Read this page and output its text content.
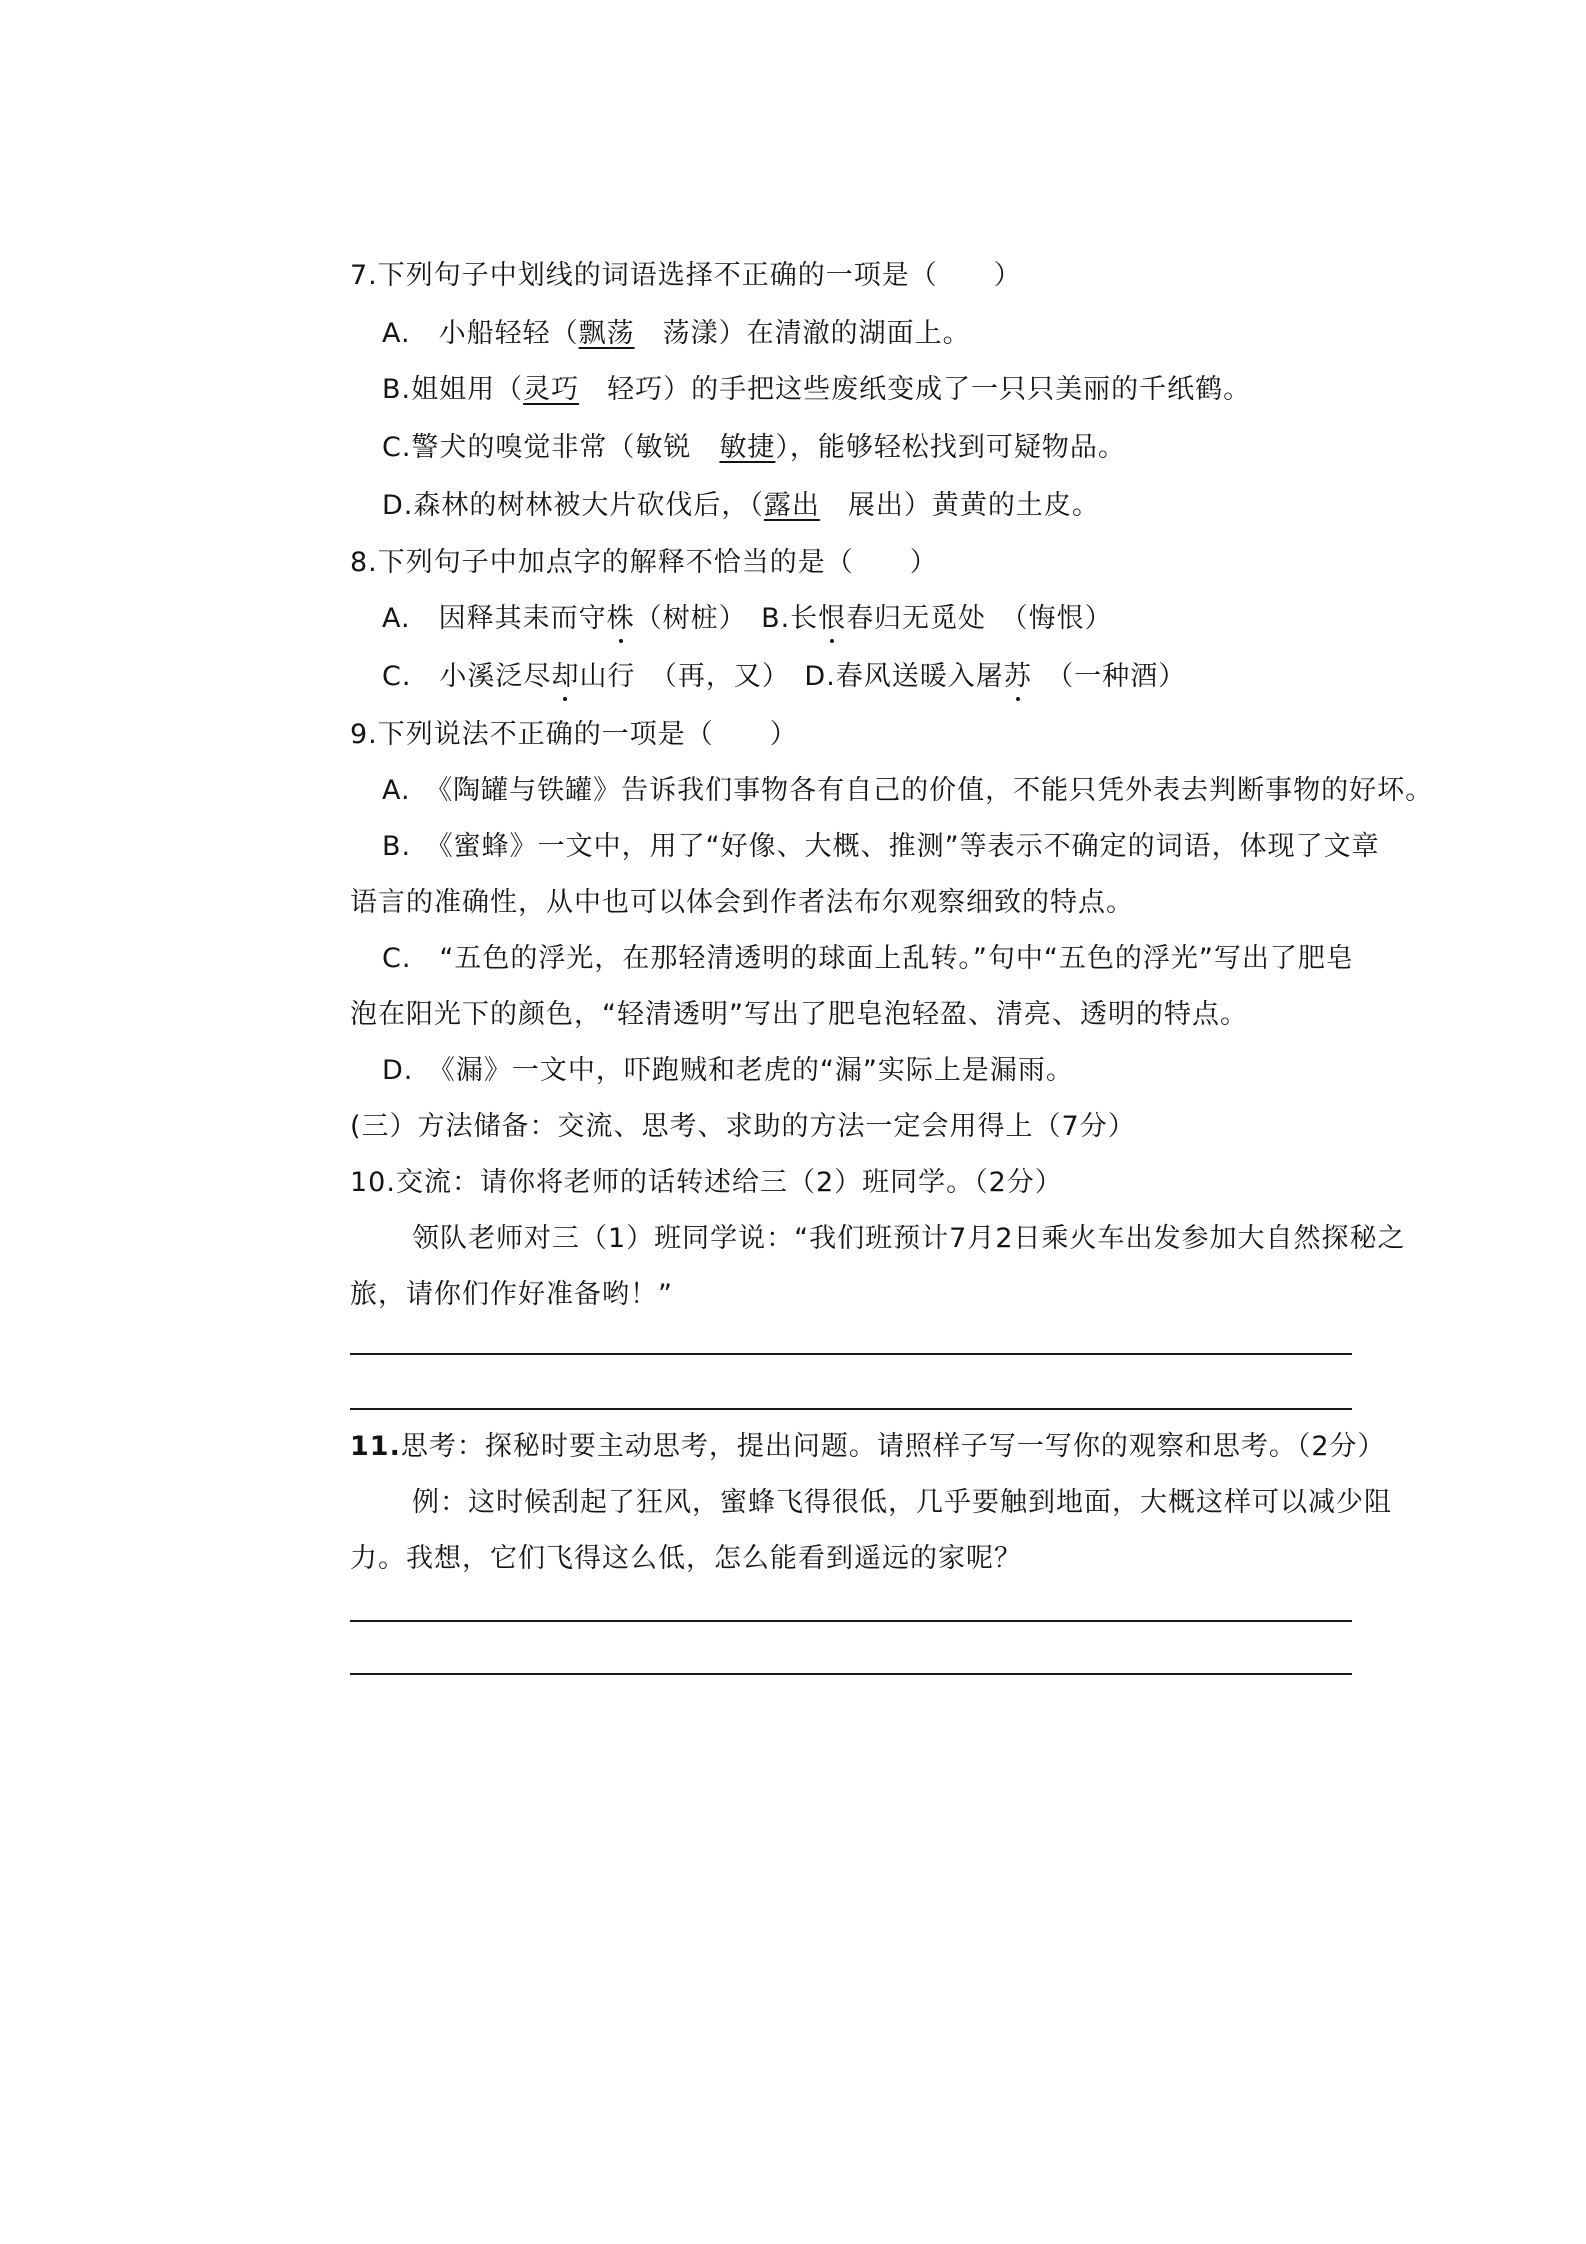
7.下列句子中划线的词语选择不正确的一项是（　　）
A.　小船轻轻（飘荡　 荡漾）在清澈的湖面上。
B.姐姐用（灵巧　 轻巧）的手把这些废纸变成了一只只美丽的千纸鹤。
C.警犬的嗅觉非常（敏锐　敏捷），能够轻松找到可疑物品。
D.森林的树林被大片砍伐后，（露出　展出）黄黄的土皮。
8.下列句子中加点字的解释不恰当的是（　　）
A.　因释其耒而守株（树桩）　B.长恨春归无觅处　（悔恨）
C.　小溪泛尽却山行　（再，又）　D.春风送暖入屠苏　（一种酒）
9.下列说法不正确的一项是（　　）
A.　《陶罐与铁罐》告诉我们事物各有自己的价值，不能只凭外表去判断事物的好坏。
B.　《蜜蜂》一文中，用了“好像、大概、推测”等表示不确定的词语，体现了文章
语言的准确性，从中也可以体会到作者法布尔观察细致的特点。
C.　“五色的浮光，在那轻清透明的球面上乱转。”句中“五色的浮光”写出了肥皂
泡在阳光下的颜色，“轻清透明”写出了肥皂泡轻盈、清亮、透明的特点。
D.　《漏》一文中，吓跑贼和老虎的“漏”实际上是漏雨。
(三）方法储备：交流、思考、求助的方法一定会用得上（7分）
10.交流：请你将老师的话转述给三（2）班同学。（2分）
领队老师对三（1）班同学说：“我们班预计7月2日乘火车出发参加大自然探秘之
旅，请你们作好准备哟！”
11.思考：探秘时要主动思考，提出问题。请照样子写一写你的观察和思考。（2分）
例：这时候刮起了狂风，蜜蜂飞得很低，几乎要触到地面，大概这样可以减少阻
力。我想，它们飞得这么低，怎么能看到遥远的家呢？
